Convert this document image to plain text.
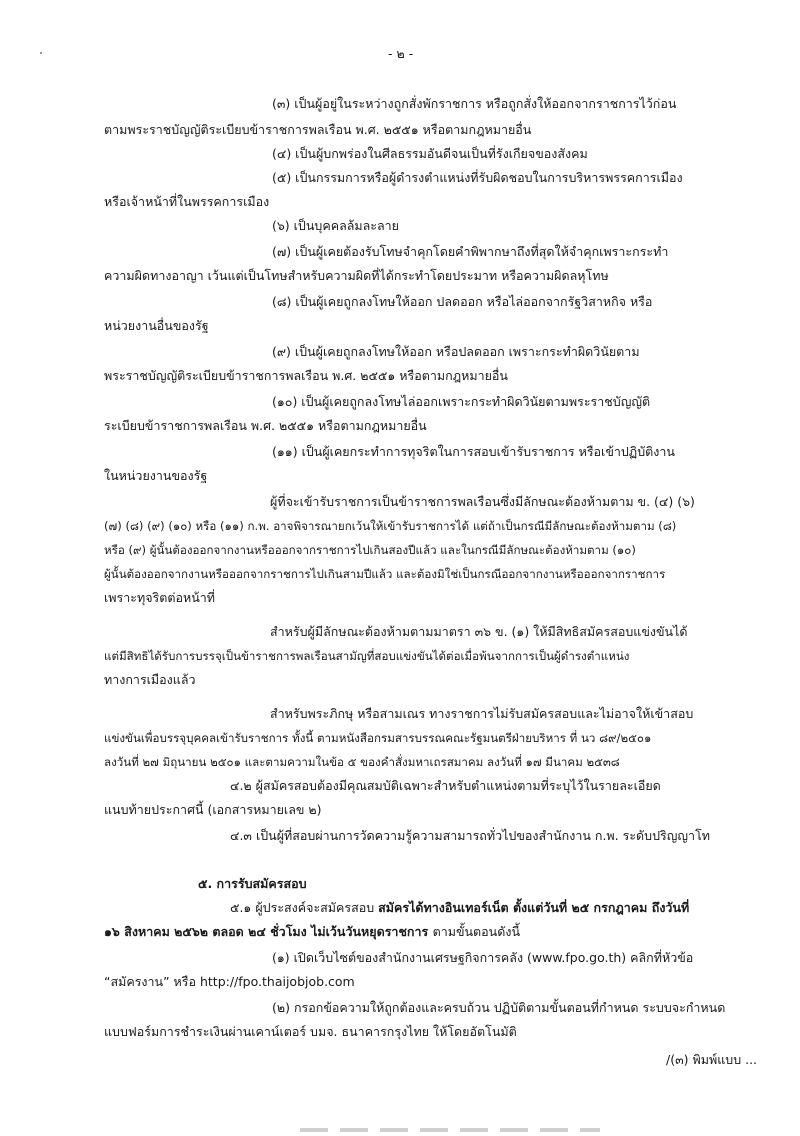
- ๒ -
(๓) เป็นผู้อยู่ในระหว่างถูกสั่งพักราชการ หรือถูกสั่งให้ออกจากราชการไว้ก่อน
ตามพระราชบัญญัติระเบียบข้าราชการพลเรือน พ.ศ. ๒๕๕๑ หรือตามกฎหมายอื่น
(๔) เป็นผู้บกพร่องในศีลธรรมอันดีจนเป็นที่รังเกียจของสังคม
(๕) เป็นกรรมการหรือผู้ดำรงตำแหน่งที่รับผิดชอบในการบริหารพรรคการเมือง
หรือเจ้าหน้าที่ในพรรคการเมือง
(๖) เป็นบุคคลล้มละลาย
(๗) เป็นผู้เคยต้องรับโทษจำคุกโดยคำพิพากษาถึงที่สุดให้จำคุกเพราะกระทำ
ความผิดทางอาญา เว้นแต่เป็นโทษสำหรับความผิดที่ได้กระทำโดยประมาท หรือความผิดลหุโทษ
(๘) เป็นผู้เคยถูกลงโทษให้ออก ปลดออก หรือไล่ออกจากรัฐวิสาหกิจ หรือ
หน่วยงานอื่นของรัฐ
(๙) เป็นผู้เคยถูกลงโทษให้ออก หรือปลดออก เพราะกระทำผิดวินัยตาม
พระราชบัญญัติระเบียบข้าราชการพลเรือน พ.ศ. ๒๕๕๑ หรือตามกฎหมายอื่น
(๑๐) เป็นผู้เคยถูกลงโทษไล่ออกเพราะกระทำผิดวินัยตามพระราชบัญญัติ
ระเบียบข้าราชการพลเรือน พ.ศ. ๒๕๕๑ หรือตามกฎหมายอื่น
(๑๑) เป็นผู้เคยกระทำการทุจริตในการสอบเข้ารับราชการ หรือเข้าปฏิบัติงาน
ในหน่วยงานของรัฐ
ผู้ที่จะเข้ารับราชการเป็นข้าราชการพลเรือนซึ่งมีลักษณะต้องห้ามตาม ข. (๔) (๖)
(๗) (๘) (๙) (๑๐) หรือ (๑๑) ก.พ. อาจพิจารณายกเว้นให้เข้ารับราชการได้ แต่ถ้าเป็นกรณีมีลักษณะต้องห้ามตาม (๘)
หรือ (๙) ผู้นั้นต้องออกจากงานหรือออกจากราชการไปเกินสองปีแล้ว และในกรณีมีลักษณะต้องห้ามตาม (๑๐)
ผู้นั้นต้องออกจากงานหรือออกจากราชการไปเกินสามปีแล้ว และต้องมิใช่เป็นกรณีออกจากงานหรือออกจากราชการ
เพราะทุจริตต่อหน้าที่
สำหรับผู้มีลักษณะต้องห้ามตามมาตรา ๓๖ ข. (๑) ให้มีสิทธิสมัครสอบแข่งขันได้
แต่มีสิทธิได้รับการบรรจุเป็นข้าราชการพลเรือนสามัญที่สอบแข่งขันได้ต่อเมื่อพ้นจากการเป็นผู้ดำรงตำแหน่ง
ทางการเมืองแล้ว
สำหรับพระภิกษุ หรือสามเณร ทางราชการไม่รับสมัครสอบและไม่อาจให้เข้าสอบ
แข่งขันเพื่อบรรจุบุคคลเข้ารับราชการ ทั้งนี้ ตามหนังสือกรมสารบรรณคณะรัฐมนตรีฝ่ายบริหาร ที่ นว ๘๙/๒๕๐๑
ลงวันที่ ๒๗ มิถุนายน ๒๕๐๑ และตามความในข้อ ๕ ของคำสั่งมหาเถรสมาคม ลงวันที่ ๑๗ มีนาคม ๒๕๓๘
๔.๒ ผู้สมัครสอบต้องมีคุณสมบัติเฉพาะสำหรับตำแหน่งตามที่ระบุไว้ในรายละเอียด
แนบท้ายประกาศนี้ (เอกสารหมายเลข ๒)
๔.๓ เป็นผู้ที่สอบผ่านการวัดความรู้ความสามารถทั่วไปของสำนักงาน ก.พ. ระดับปริญญาโท
๕. การรับสมัครสอบ
๕.๑ ผู้ประสงค์จะสมัครสอบ สมัครได้ทางอินเทอร์เน็ต ตั้งแต่วันที่ ๒๕ กรกฎาคม ถึงวันที่
๑๖ สิงหาคม ๒๕๖๒ ตลอด ๒๔ ชั่วโมง ไม่เว้นวันหยุดราชการ ตามขั้นตอนดังนี้
(๑) เปิดเว็บไซต์ของสำนักงานเศรษฐกิจการคลัง (www.fpo.go.th) คลิกที่หัวข้อ
“สมัครงาน” หรือ http://fpo.thaijobjob.com
(๒) กรอกข้อความให้ถูกต้องและครบถ้วน ปฏิบัติตามขั้นตอนที่กำหนด ระบบจะกำหนด
แบบฟอร์มการชำระเงินผ่านเคาน์เตอร์ บมจ. ธนาคารกรุงไทย ให้โดยอัตโนมัติ
/(๓) พิมพ์แบบ ...
